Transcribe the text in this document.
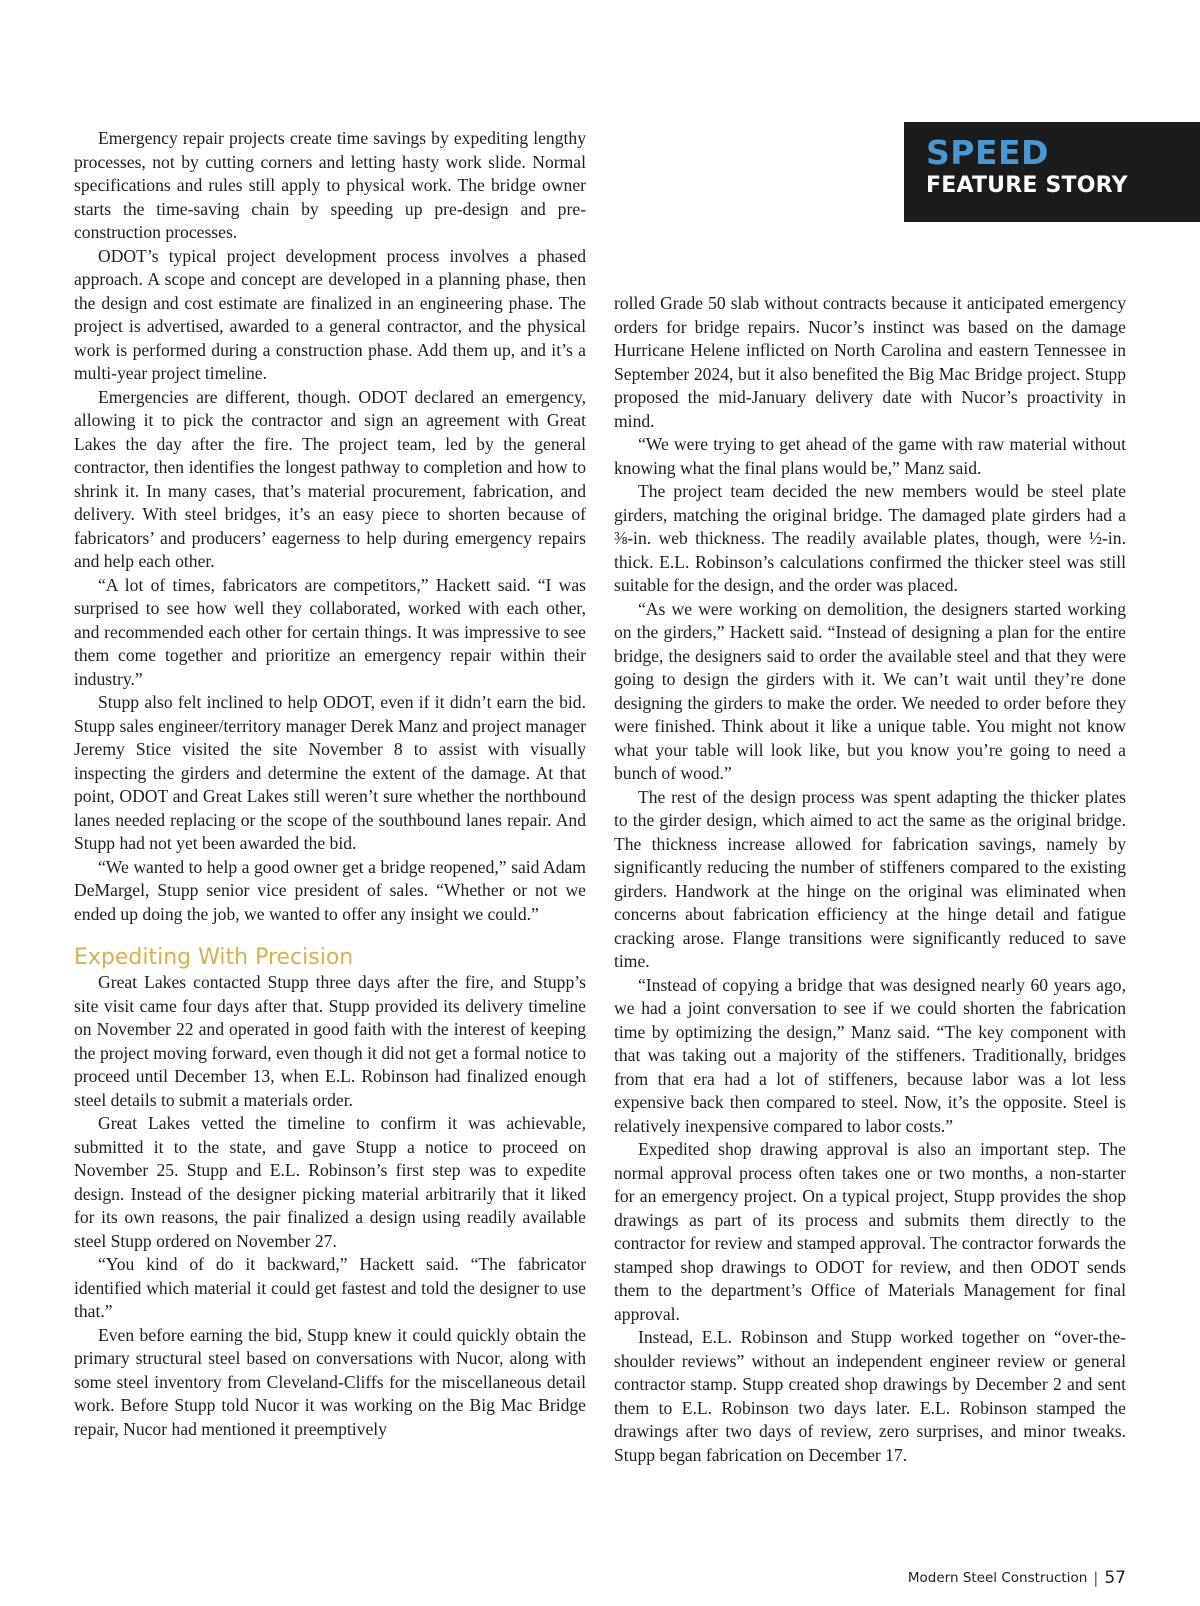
SPEED
FEATURE STORY

Emergency repair projects create time savings by expediting lengthy processes, not by cutting corners and letting hasty work slide. Normal specifications and rules still apply to physical work. The bridge owner starts the time-saving chain by speeding up pre-design and pre-construction processes.

ODOT’s typical project development process involves a phased approach. A scope and concept are developed in a planning phase, then the design and cost estimate are finalized in an engineering phase. The project is advertised, awarded to a general contractor, and the physical work is performed during a construction phase. Add them up, and it’s a multi-year project timeline.

Emergencies are different, though. ODOT declared an emergency, allowing it to pick the contractor and sign an agreement with Great Lakes the day after the fire. The project team, led by the general contractor, then identifies the longest pathway to completion and how to shrink it. In many cases, that’s material procurement, fabrication, and delivery. With steel bridges, it’s an easy piece to shorten because of fabricators’ and producers’ eagerness to help during emergency repairs and help each other.

“A lot of times, fabricators are competitors,” Hackett said. “I was surprised to see how well they collaborated, worked with each other, and recommended each other for certain things. It was impressive to see them come together and prioritize an emergency repair within their industry.”

Stupp also felt inclined to help ODOT, even if it didn’t earn the bid. Stupp sales engineer/territory manager Derek Manz and project manager Jeremy Stice visited the site November 8 to assist with visually inspecting the girders and determine the extent of the damage. At that point, ODOT and Great Lakes still weren’t sure whether the northbound lanes needed replacing or the scope of the southbound lanes repair. And Stupp had not yet been awarded the bid.

“We wanted to help a good owner get a bridge reopened,” said Adam DeMargel, Stupp senior vice president of sales. “Whether or not we ended up doing the job, we wanted to offer any insight we could.”

Expediting With Precision

Great Lakes contacted Stupp three days after the fire, and Stupp’s site visit came four days after that. Stupp provided its delivery timeline on November 22 and operated in good faith with the interest of keeping the project moving forward, even though it did not get a formal notice to proceed until December 13, when E.L. Robinson had finalized enough steel details to submit a materials order.

Great Lakes vetted the timeline to confirm it was achievable, submitted it to the state, and gave Stupp a notice to proceed on November 25. Stupp and E.L. Robinson’s first step was to expedite design. Instead of the designer picking material arbitrarily that it liked for its own reasons, the pair finalized a design using readily available steel Stupp ordered on November 27.

“You kind of do it backward,” Hackett said. “The fabricator identified which material it could get fastest and told the designer to use that.”

Even before earning the bid, Stupp knew it could quickly obtain the primary structural steel based on conversations with Nucor, along with some steel inventory from Cleveland-Cliffs for the miscellaneous detail work. Before Stupp told Nucor it was working on the Big Mac Bridge repair, Nucor had mentioned it preemptively

rolled Grade 50 slab without contracts because it anticipated emergency orders for bridge repairs. Nucor’s instinct was based on the damage Hurricane Helene inflicted on North Carolina and eastern Tennessee in September 2024, but it also benefited the Big Mac Bridge project. Stupp proposed the mid-January delivery date with Nucor’s proactivity in mind.

“We were trying to get ahead of the game with raw material without knowing what the final plans would be,” Manz said.

The project team decided the new members would be steel plate girders, matching the original bridge. The damaged plate girders had a ⅜-in. web thickness. The readily available plates, though, were ½-in. thick. E.L. Robinson’s calculations confirmed the thicker steel was still suitable for the design, and the order was placed.

“As we were working on demolition, the designers started working on the girders,” Hackett said. “Instead of designing a plan for the entire bridge, the designers said to order the available steel and that they were going to design the girders with it. We can’t wait until they’re done designing the girders to make the order. We needed to order before they were finished. Think about it like a unique table. You might not know what your table will look like, but you know you’re going to need a bunch of wood.”

The rest of the design process was spent adapting the thicker plates to the girder design, which aimed to act the same as the original bridge. The thickness increase allowed for fabrication savings, namely by significantly reducing the number of stiffeners compared to the existing girders. Handwork at the hinge on the original was eliminated when concerns about fabrication efficiency at the hinge detail and fatigue cracking arose. Flange transitions were significantly reduced to save time.

“Instead of copying a bridge that was designed nearly 60 years ago, we had a joint conversation to see if we could shorten the fabrication time by optimizing the design,” Manz said. “The key component with that was taking out a majority of the stiffeners. Traditionally, bridges from that era had a lot of stiffeners, because labor was a lot less expensive back then compared to steel. Now, it’s the opposite. Steel is relatively inexpensive compared to labor costs.”

Expedited shop drawing approval is also an important step. The normal approval process often takes one or two months, a non-starter for an emergency project. On a typical project, Stupp provides the shop drawings as part of its process and submits them directly to the contractor for review and stamped approval. The contractor forwards the stamped shop drawings to ODOT for review, and then ODOT sends them to the department’s Office of Materials Management for final approval.

Instead, E.L. Robinson and Stupp worked together on “over-the-shoulder reviews” without an independent engineer review or general contractor stamp. Stupp created shop drawings by December 2 and sent them to E.L. Robinson two days later. E.L. Robinson stamped the drawings after two days of review, zero surprises, and minor tweaks. Stupp began fabrication on December 17.

Modern Steel Construction | 57
